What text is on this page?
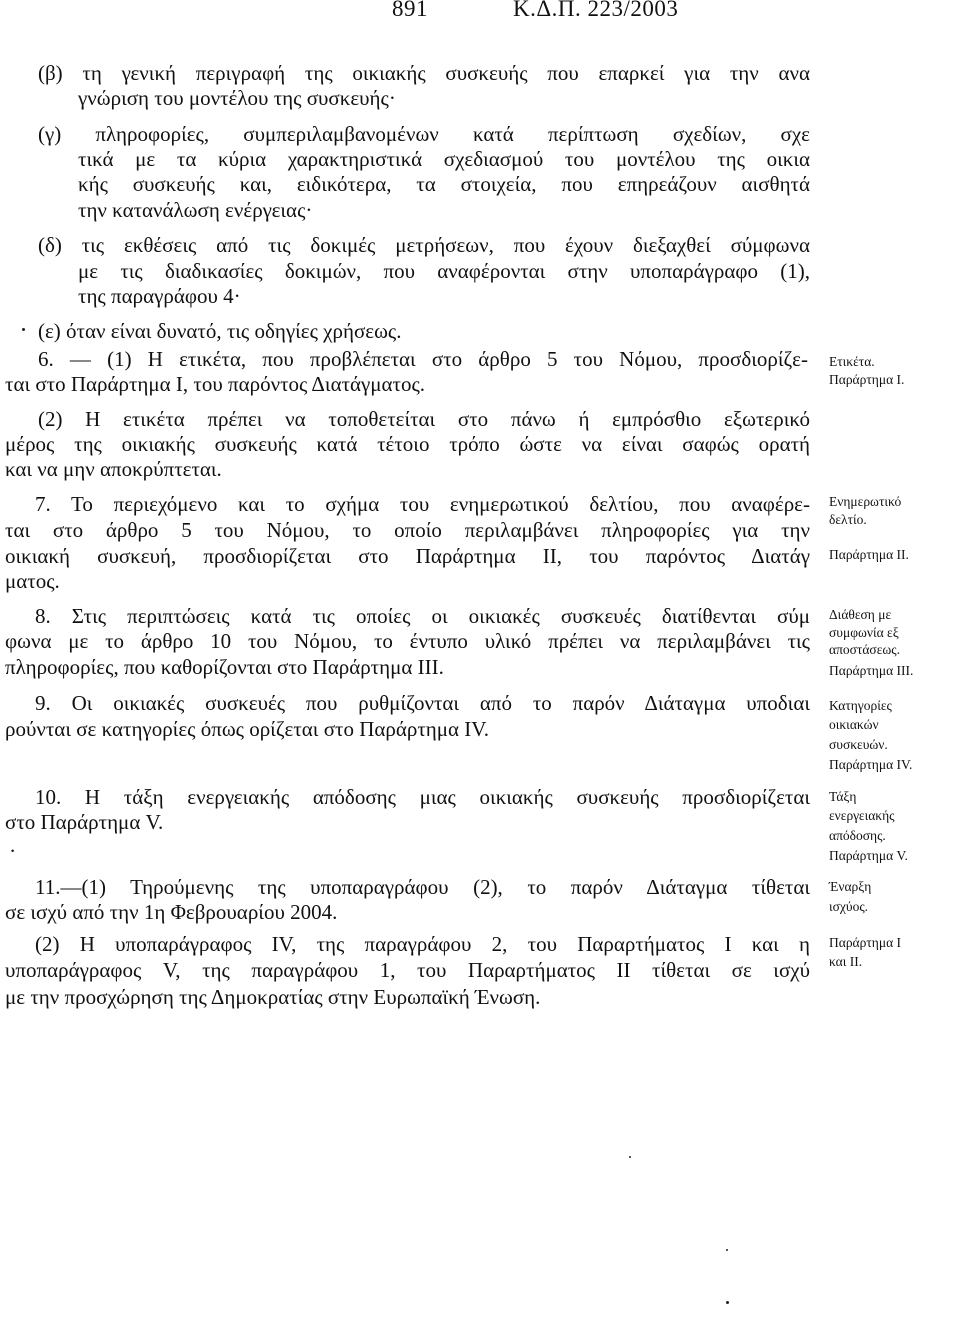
891	Κ.Δ.Π. 223/2003
(β) τη γενική περιγραφή της οικιακής συσκευής που επαρκεί για την ανα
γνώριση του μοντέλου της συσκευής·
(γ) πληροφορίες, συμπεριλαμβανομένων κατά περίπτωση σχεδίων, σχε
τικά με τα κύρια χαρακτηριστικά σχεδιασμού του μοντέλου της οικια
κής συσκευής και, ειδικότερα, τα στοιχεία, που επηρεάζουν αισθητά
την κατανάλωση ενέργειας·
(δ) τις εκθέσεις από τις δοκιμές μετρήσεων, που έχουν διεξαχθεί σύμφωνα
με τις διαδικασίες δοκιμών, που αναφέρονται στην υποπαράγραφο (1),
της παραγράφου 4·
(ε) όταν είναι δυνατό, τις οδηγίες χρήσεως.
6. — (1) Η ετικέτα, που προβλέπεται στο άρθρο 5 του Νόμου, προσδιορίζε-
ται στο Παράρτημα Ι, του παρόντος Διατάγματος.
(2) Η ετικέτα πρέπει να τοποθετείται στο πάνω ή εμπρόσθιο εξωτερικό
μέρος της οικιακής συσκευής κατά τέτοιο τρόπο ώστε να είναι σαφώς ορατή
και να μην αποκρύπτεται.
7. Το περιεχόμενο και το σχήμα του ενημερωτικού δελτίου, που αναφέρε-
ται στο άρθρο 5 του Νόμου, το οποίο περιλαμβάνει πληροφορίες για την
οικιακή συσκευή, προσδιορίζεται στο Παράρτημα ΙΙ, του παρόντος Διατάγ
ματος.
8. Στις περιπτώσεις κατά τις οποίες οι οικιακές συσκευές διατίθενται σύμ
φωνα με το άρθρο 10 του Νόμου, το έντυπο υλικό πρέπει να περιλαμβάνει τις
πληροφορίες, που καθορίζονται στο Παράρτημα ΙΙΙ.
9. Οι οικιακές συσκευές που ρυθμίζονται από το παρόν Διάταγμα υποδιαι
ρούνται σε κατηγορίες όπως ορίζεται στο Παράρτημα IV.
10. Η τάξη ενεργειακής απόδοσης μιας οικιακής συσκευής προσδιορίζεται
στο Παράρτημα V.
11.—(1) Τηρούμενης της υποπαραγράφου (2), το παρόν Διάταγμα τίθεται
σε ισχύ από την 1η Φεβρουαρίου 2004.
(2) Η υποπαράγραφος IV, της παραγράφου 2, του Παραρτήματος Ι και η
υποπαράγραφος V, της παραγράφου 1, του Παραρτήματος ΙΙ τίθεται σε ισχύ
με την προσχώρηση της Δημοκρατίας στην Ευρωπαϊκή Ένωση.
Ετικέτα.
Παράρτημα Ι.
Ενημερωτικό
δελτίο.
Παράρτημα ΙΙ.
Διάθεση με
συμφωνία εξ
αποστάσεως.
Παράρτημα ΙΙΙ.
Κατηγορίες
οικιακών
συσκευών.
Παράρτημα IV.
Τάξη
ενεργειακής
απόδοσης.
Παράρτημα V.
Έναρξη
ισχύος.
Παράρτημα Ι
και ΙΙ.
.
